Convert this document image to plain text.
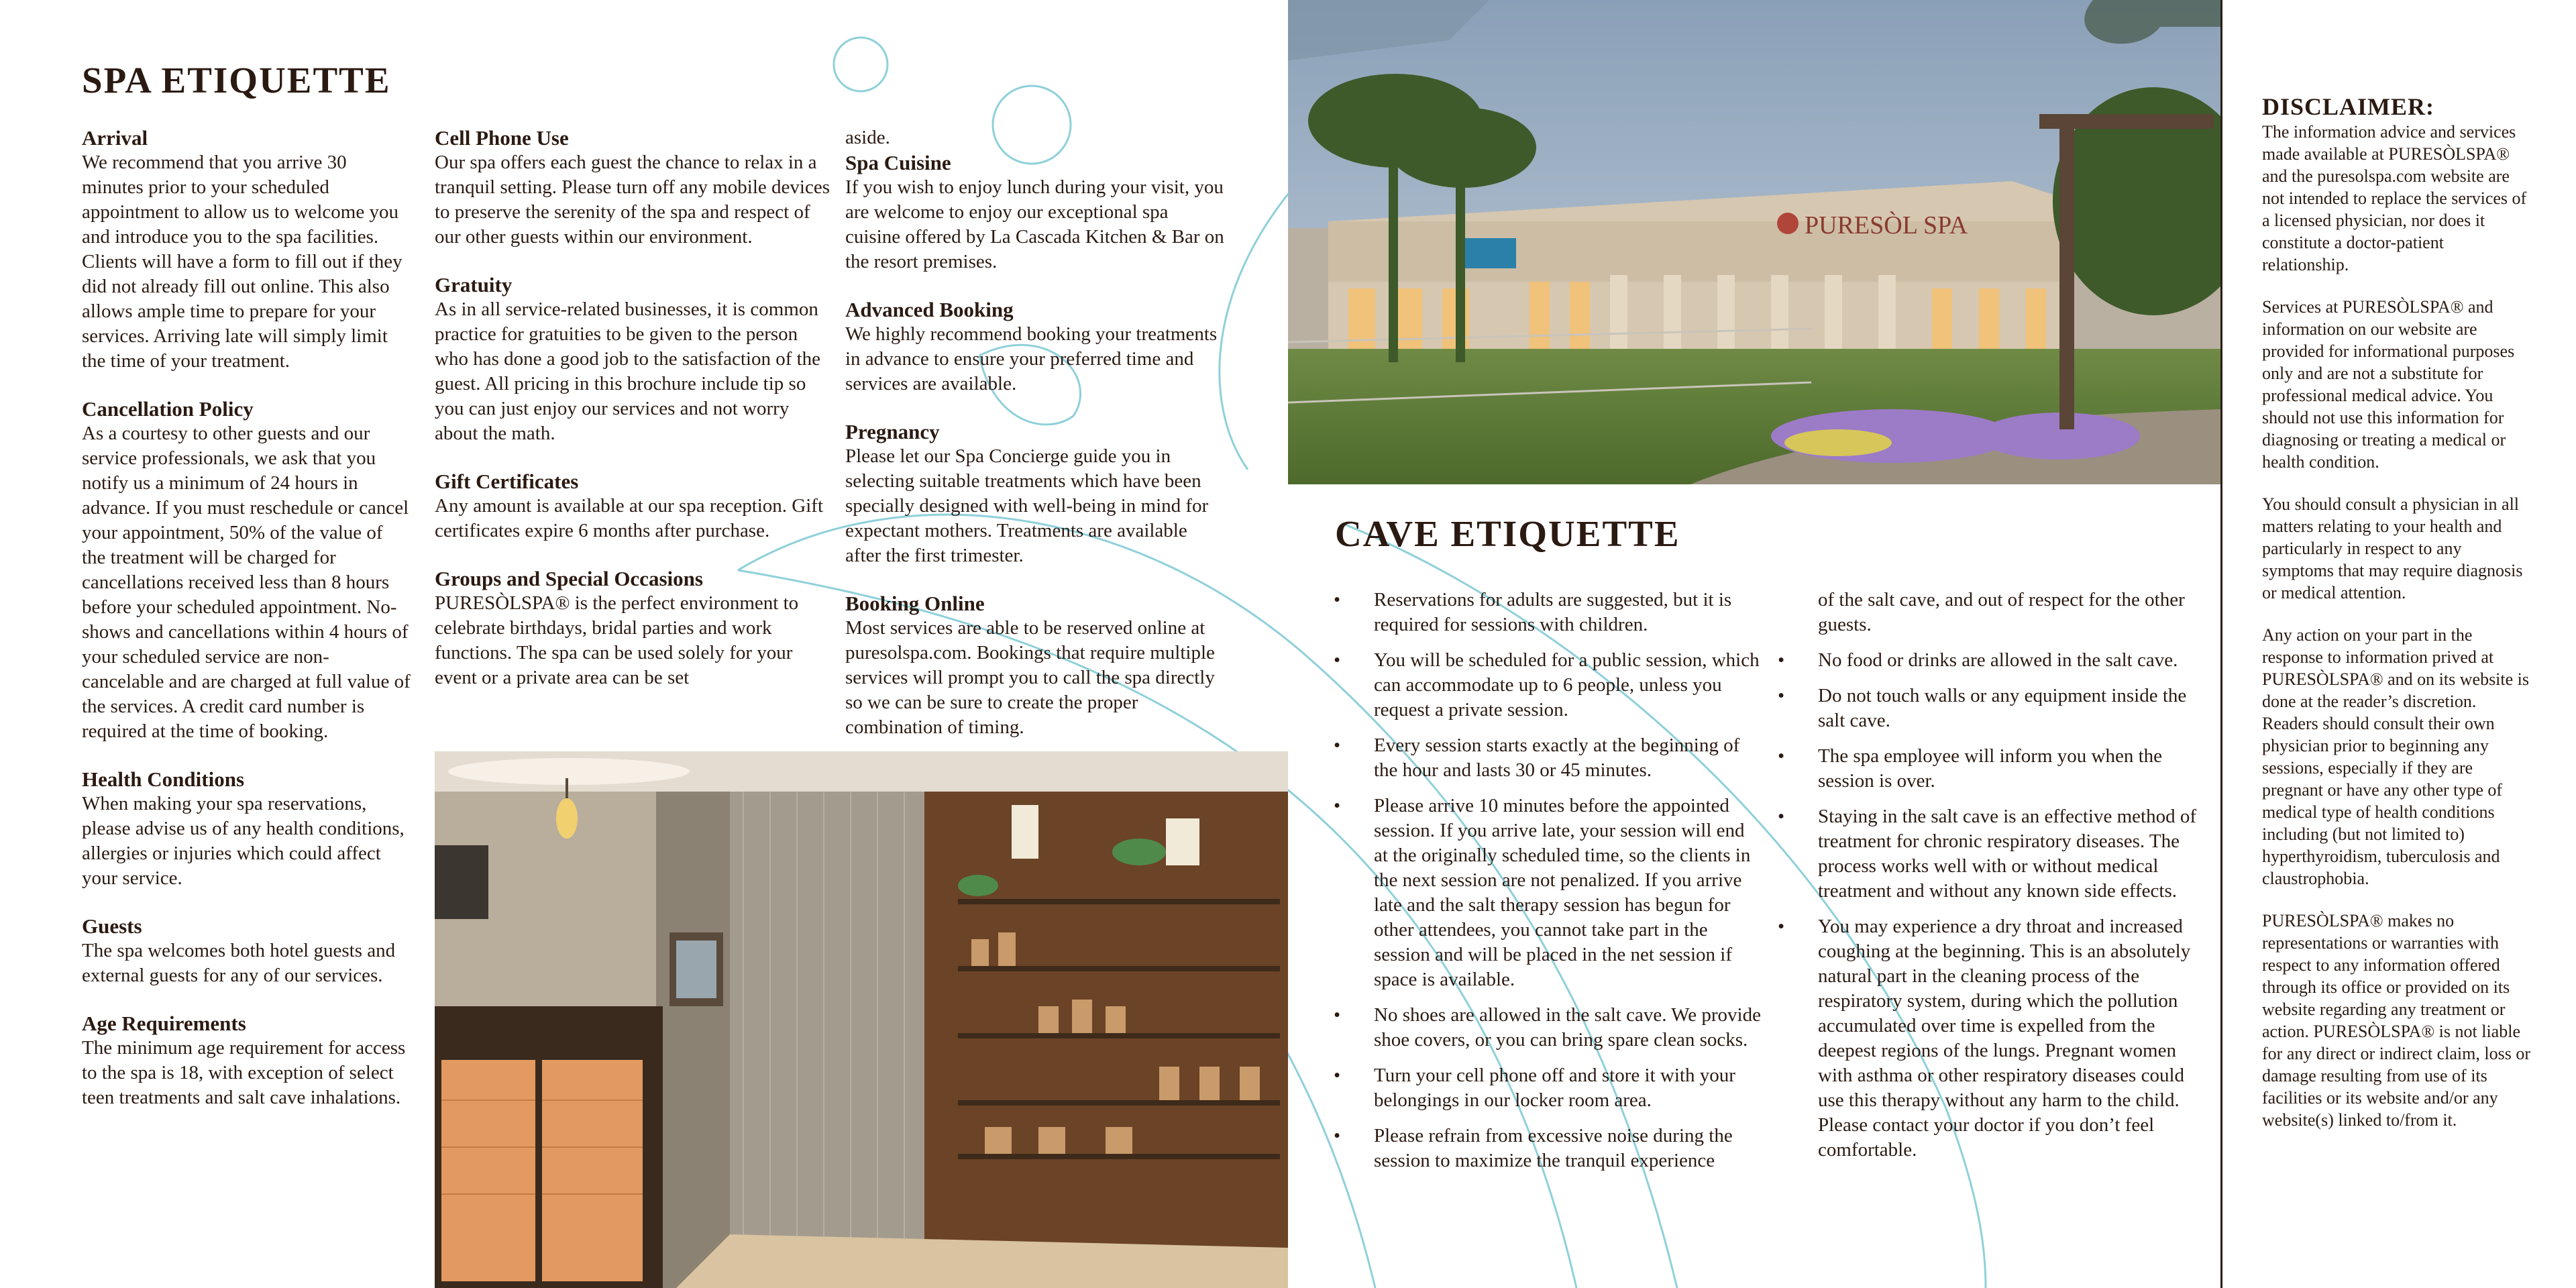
SPA ETIQUETTE
Arrival

We recommend that you arrive 30 minutes prior to your scheduled appointment to allow us to welcome you and introduce you to the spa facilities. Clients will have a form to fill out if they did not already fill out online. This also allows ample time to prepare for your services. Arriving late will simply limit the time of your treatment.

Cancellation Policy

As a courtesy to other guests and our service professionals, we ask that you notify us a minimum of 24 hours in advance. If you must reschedule or cancel your appointment, 50% of the value of the treatment will be charged for cancellations received less than 8 hours before your scheduled appointment. No-shows and cancellations within 4 hours of your scheduled service are non-cancelable and are charged at full value of the services. A credit card number is required at the time of booking.

Health Conditions

When making your spa reservations, please advise us of any health conditions, allergies or injuries which could affect your service.

Guests

The spa welcomes both hotel guests and external guests for any of our services.

Age Requirements

The minimum age requirement for access to the spa is 18, with exception of select teen treatments and salt cave inhalations.

Cell Phone Use

Our spa offers each guest the chance to relax in a tranquil setting. Please turn off any mobile devices to preserve the serenity of the spa and respect of our other guests within our environment.

Gratuity

As in all service-related businesses, it is common practice for gratuities to be given to the person who has done a good job to the satisfaction of the guest. All pricing in this brochure include tip so you can just enjoy our services and not worry about the math.

Gift Certificates

Any amount is available at our spa reception. Gift certificates expire 6 months after purchase.

Groups and Special Occasions

PURESÒLSPA® is the perfect environment to celebrate birthdays, bridal parties and work functions. The spa can be used solely for your event or a private area can be set

aside.

Spa Cuisine

If you wish to enjoy lunch during your visit, you are welcome to enjoy our exceptional spa cuisine offered by La Cascada Kitchen & Bar on the resort premises.

Advanced Booking

We highly recommend booking your treatments in advance to ensure your preferred time and services are available.

Pregnancy

Please let our Spa Concierge guide you in selecting suitable treatments which have been specially designed with well-being in mind for expectant mothers. Treatments are available after the first trimester.

Booking Online

Most services are able to be reserved online at puresolspa.com. Bookings that require multiple services will prompt you to call the spa directly so we can be sure to create the proper combination of timing.

PURESÒL SPA
CAVE ETIQUETTE
• Reservations for adults are suggested, but it is required for sessions with children.
• You will be scheduled for a public session, which can accommodate up to 6 people, unless you request a private session.
• Every session starts exactly at the beginning of the hour and lasts 30 or 45 minutes.
• Please arrive 10 minutes before the appointed session. If you arrive late, your session will end at the originally scheduled time, so the clients in the next session are not penalized. If you arrive late and the salt therapy session has begun for other attendees, you cannot take part in the session and will be placed in the net session if space is available.
• No shoes are allowed in the salt cave. We provide shoe covers, or you can bring spare clean socks.
• Turn your cell phone off and store it with your belongings in our locker room area.
• Please refrain from excessive noise during the session to maximize the tranquil experience

of the salt cave, and out of respect for the other guests.

• No food or drinks are allowed in the salt cave.
• Do not touch walls or any equipment inside the salt cave.
• The spa employee will inform you when the session is over.
• Staying in the salt cave is an effective method of treatment for chronic respiratory diseases. The process works well with or without medical treatment and without any known side effects.
• You may experience a dry throat and increased coughing at the beginning. This is an absolutely natural part in the cleaning process of the respiratory system, during which the pollution accumulated over time is expelled from the deepest regions of the lungs. Pregnant women with asthma or other respiratory diseases could use this therapy without any harm to the child. Please contact your doctor if you don’t feel comfortable.
DISCLAIMER:

The information advice and services made available at PURESÒLSPA® and the puresolspa.com website are not intended to replace the services of a licensed physician, nor does it constitute a doctor-patient relationship.

Services at PURESÒLSPA® and information on our website are provided for informational purposes only and are not a substitute for professional medical advice. You should not use this information for diagnosing or treating a medical or health condition.

You should consult a physician in all matters relating to your health and particularly in respect to any symptoms that may require diagnosis or medical attention.

Any action on your part in the response to information prived at PURESÒLSPA® and on its website is done at the reader’s discretion. Readers should consult their own physician prior to beginning any sessions, especially if they are pregnant or have any other type of medical type of health conditions including (but not limited to) hyperthyroidism, tuberculosis and claustrophobia.

PURESÒLSPA® makes no representations or warranties with respect to any information offered through its office or provided on its website regarding any treatment or action. PURESÒLSPA® is not liable for any direct or indirect claim, loss or damage resulting from use of its facilities or its website and/or any website(s) linked to/from it.
